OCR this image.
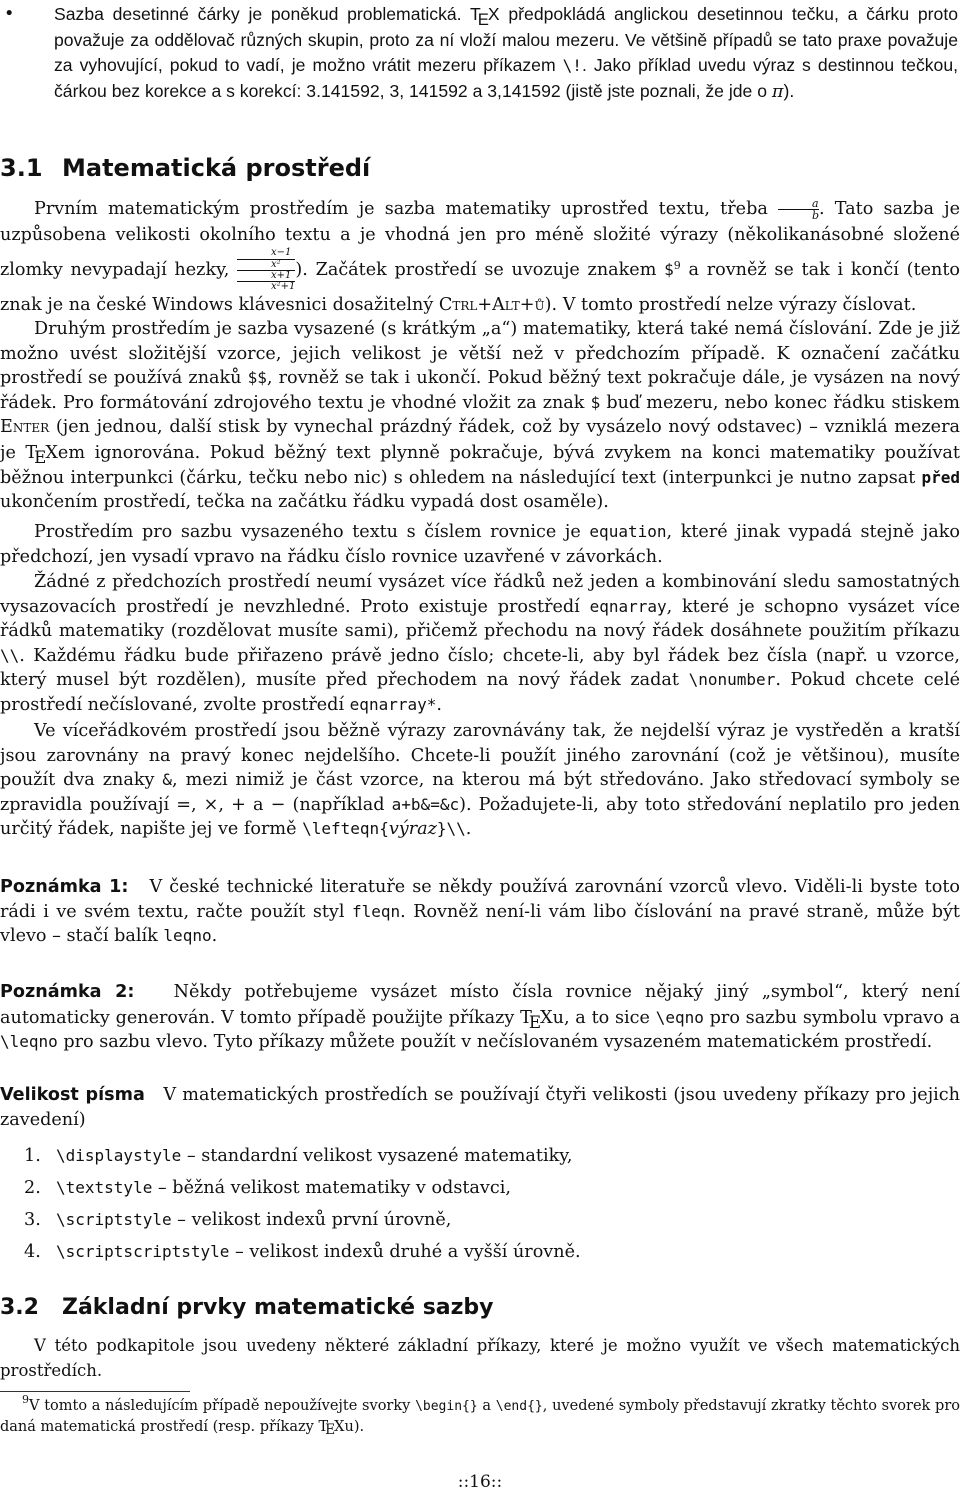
• Sazba desetinné čárky je poněkud problematická. TEX předpokládá anglickou desetinnou tečku, a čárku proto považuje za oddělovač různých skupin, proto za ní vloží malou mezeru. Ve většině případů se tato praxe považuje za vyhovující, pokud to vadí, je možno vrátit mezeru příkazem \!. Jako příklad uvedu výraz s destinnou tečkou, čárkou bez korekce a s korekcí: 3.141592, 3, 141592 a 3,141592 (jistě jste poznali, že jde o π).

3.1 Matematická prostředí

Prvním matematickým prostředím je sazba matematiky uprostřed textu, třeba $\frac{a}{b}$ . Tato sazba je uzpůsobena velikosti okolního textu a je vhodná jen pro méně složité výrazy (několikanásobné složené zlomky nevypadají hezky,
x−1
x²
x+1
x²+1
). Začátek prostředí se uvozuje znakem \$$^9$ a rovněž se tak i končí (tento znak je na české Windows klávesnici dosažitelný Ctrl+Alt+ů). V tomto prostředí nelze výrazy číslovat.

Druhým prostředím je sazba vysazené (s krátkým „a“) matematiky, která také nemá číslování. Zde je již možno uvést složitější vzorce, jejich velikost je větší než v předchozím případě. K označení začátku prostředí se používá znaků $$, rovněž se tak i ukončí. Pokud běžný text pokračuje dále, je vysázen na nový řádek. Pro formátování zdrojového textu je vhodné vložit za znak $ buď mezeru, nebo konec řádku stiskem Enter (jen jednou, další stisk by vynechal prázdný řádek, což by vysázelo nový odstavec) – vzniklá mezera je TEXem ignorována. Pokud běžný text plynně pokračuje, bývá zvykem na konci matematiky používat běžnou interpunkci (čárku, tečku nebo nic) s ohledem na následující text (interpunkci je nutno zapsat před ukončením prostředí, tečka na začátku řádku vypadá dost osaměle).

Prostředím pro sazbu vysazeného textu s číslem rovnice je equation, které jinak vypadá stejně jako předchozí, jen vysadí vpravo na řádku číslo rovnice uzavřené v závorkách.

Žádné z předchozích prostředí neumí vysázet více řádků než jeden a kombinování sledu samostatných vysazovacích prostředí je nevzhledné. Proto existuje prostředí eqnarray, které je schopno vysázet více řádků matematiky (rozdělovat musíte sami), přičemž přechodu na nový řádek dosáhnete použitím příkazu \\. Každému řádku bude přiřazeno právě jedno číslo; chcete-li, aby byl řádek bez čísla (např. u vzorce, který musel být rozdělen), musíte před přechodem na nový řádek zadat \nonumber. Pokud chcete celé prostředí nečíslované, zvolte prostředí eqnarray*.

Ve víceřádkovém prostředí jsou běžně výrazy zarovnávány tak, že nejdelší výraz je vystředěn a kratší jsou zarovnány na pravý konec nejdelšího. Chcete-li použít jiného zarovnání (což je většinou), musíte použít dva znaky &, mezi nimiž je část vzorce, na kterou má být středováno. Jako středovací symboly se zpravidla používají =, ×, + a − (například a+b&=&c). Požadujete-li, aby toto středování neplatilo pro jeden určitý řádek, napište jej ve formě \lefteqn{výraz}\\.

Poznámka 1: V české technické literatuře se někdy používá zarovnání vzorců vlevo. Viděli-li byste toto rádi i ve svém textu, račte použít styl fleqn. Rovněž není-li vám libo číslování na pravé straně, může být vlevo – stačí balík leqno.

Poznámka 2: Někdy potřebujeme vysázet místo čísla rovnice nějaký jiný „symbol“, který není automaticky generován. V tomto případě použijte příkazy TEXu, a to sice \eqno pro sazbu symbolu vpravo a \leqno pro sazbu vlevo. Tyto příkazy můžete použít v nečíslovaném vysazeném matematickém prostředí.

Velikost písma V matematických prostředích se používají čtyři velikosti (jsou uvedeny příkazy pro jejich zavedení)

1. \displaystyle – standardní velikost vysazené matematiky,
2. \textstyle – běžná velikost matematiky v odstavci,
3. \scriptstyle – velikost indexů první úrovně,
4. \scriptscriptstyle – velikost indexů druhé a vyšší úrovně.
3.2 Základní prvky matematické sazby

V této podkapitole jsou uvedeny některé základní příkazy, které je možno využít ve všech matematických prostředích.

$^9$V tomto a následujícím případě nepoužívejte svorky \begin{} a \end{}, uvedené symboly představují zkratky těchto svorek pro daná matematická prostředí (resp. příkazy TEXu).

::16::
